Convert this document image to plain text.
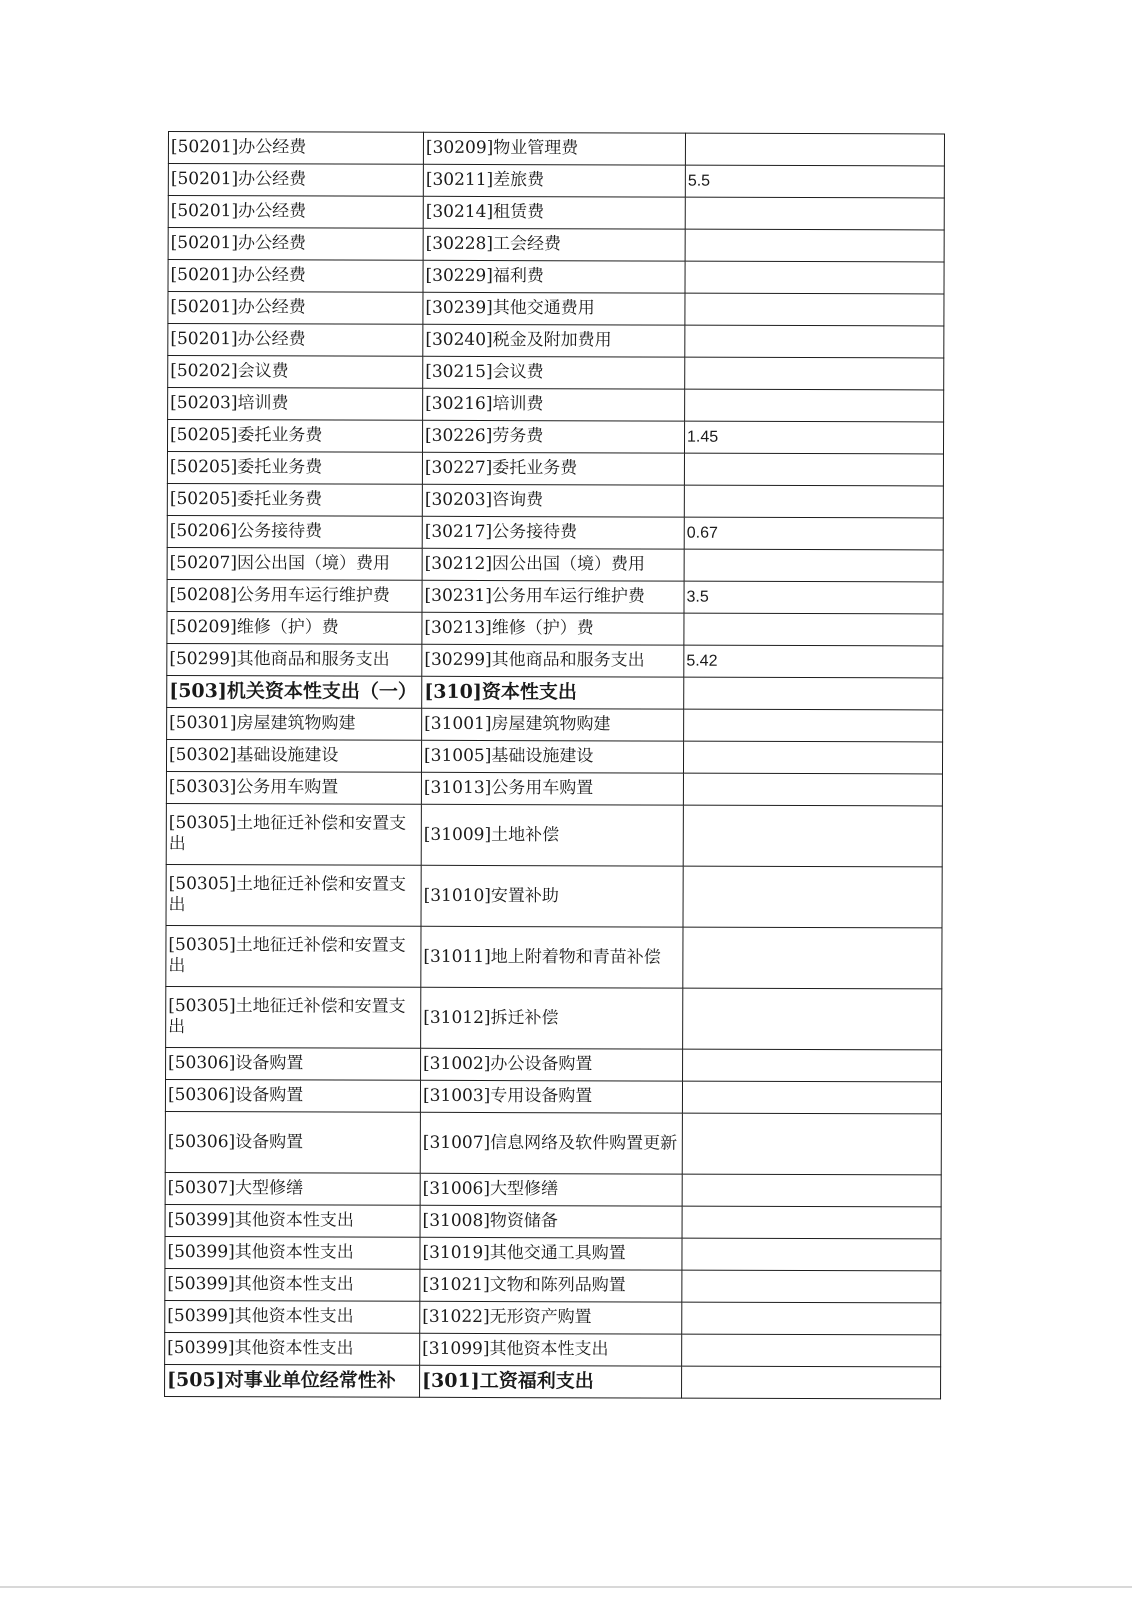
[50201]办公经费	[30209]物业管理费	
[50201]办公经费	[30211]差旅费	5.5
[50201]办公经费	[30214]租赁费	
[50201]办公经费	[30228]工会经费	
[50201]办公经费	[30229]福利费	
[50201]办公经费	[30239]其他交通费用	
[50201]办公经费	[30240]税金及附加费用	
[50202]会议费	[30215]会议费	
[50203]培训费	[30216]培训费	
[50205]委托业务费	[30226]劳务费	1.45
[50205]委托业务费	[30227]委托业务费	
[50205]委托业务费	[30203]咨询费	
[50206]公务接待费	[30217]公务接待费	0.67
[50207]因公出国（境）费用	[30212]因公出国（境）费用	
[50208]公务用车运行维护费	[30231]公务用车运行维护费	3.5
[50209]维修（护）费	[30213]维修（护）费	
[50299]其他商品和服务支出	[30299]其他商品和服务支出	5.42
[503]机关资本性支出（一）	[310]资本性支出	
[50301]房屋建筑物购建	[31001]房屋建筑物购建	
[50302]基础设施建设	[31005]基础设施建设	
[50303]公务用车购置	[31013]公务用车购置	
[50305]土地征迁补偿和安置支出	[31009]土地补偿	
[50305]土地征迁补偿和安置支出	[31010]安置补助	
[50305]土地征迁补偿和安置支出	[31011]地上附着物和青苗补偿	
[50305]土地征迁补偿和安置支出	[31012]拆迁补偿	
[50306]设备购置	[31002]办公设备购置	
[50306]设备购置	[31003]专用设备购置	
[50306]设备购置	[31007]信息网络及软件购置更新	
[50307]大型修缮	[31006]大型修缮	
[50399]其他资本性支出	[31008]物资储备	
[50399]其他资本性支出	[31019]其他交通工具购置	
[50399]其他资本性支出	[31021]文物和陈列品购置	
[50399]其他资本性支出	[31022]无形资产购置	
[50399]其他资本性支出	[31099]其他资本性支出	
[505]对事业单位经常性补	[301]工资福利支出	
